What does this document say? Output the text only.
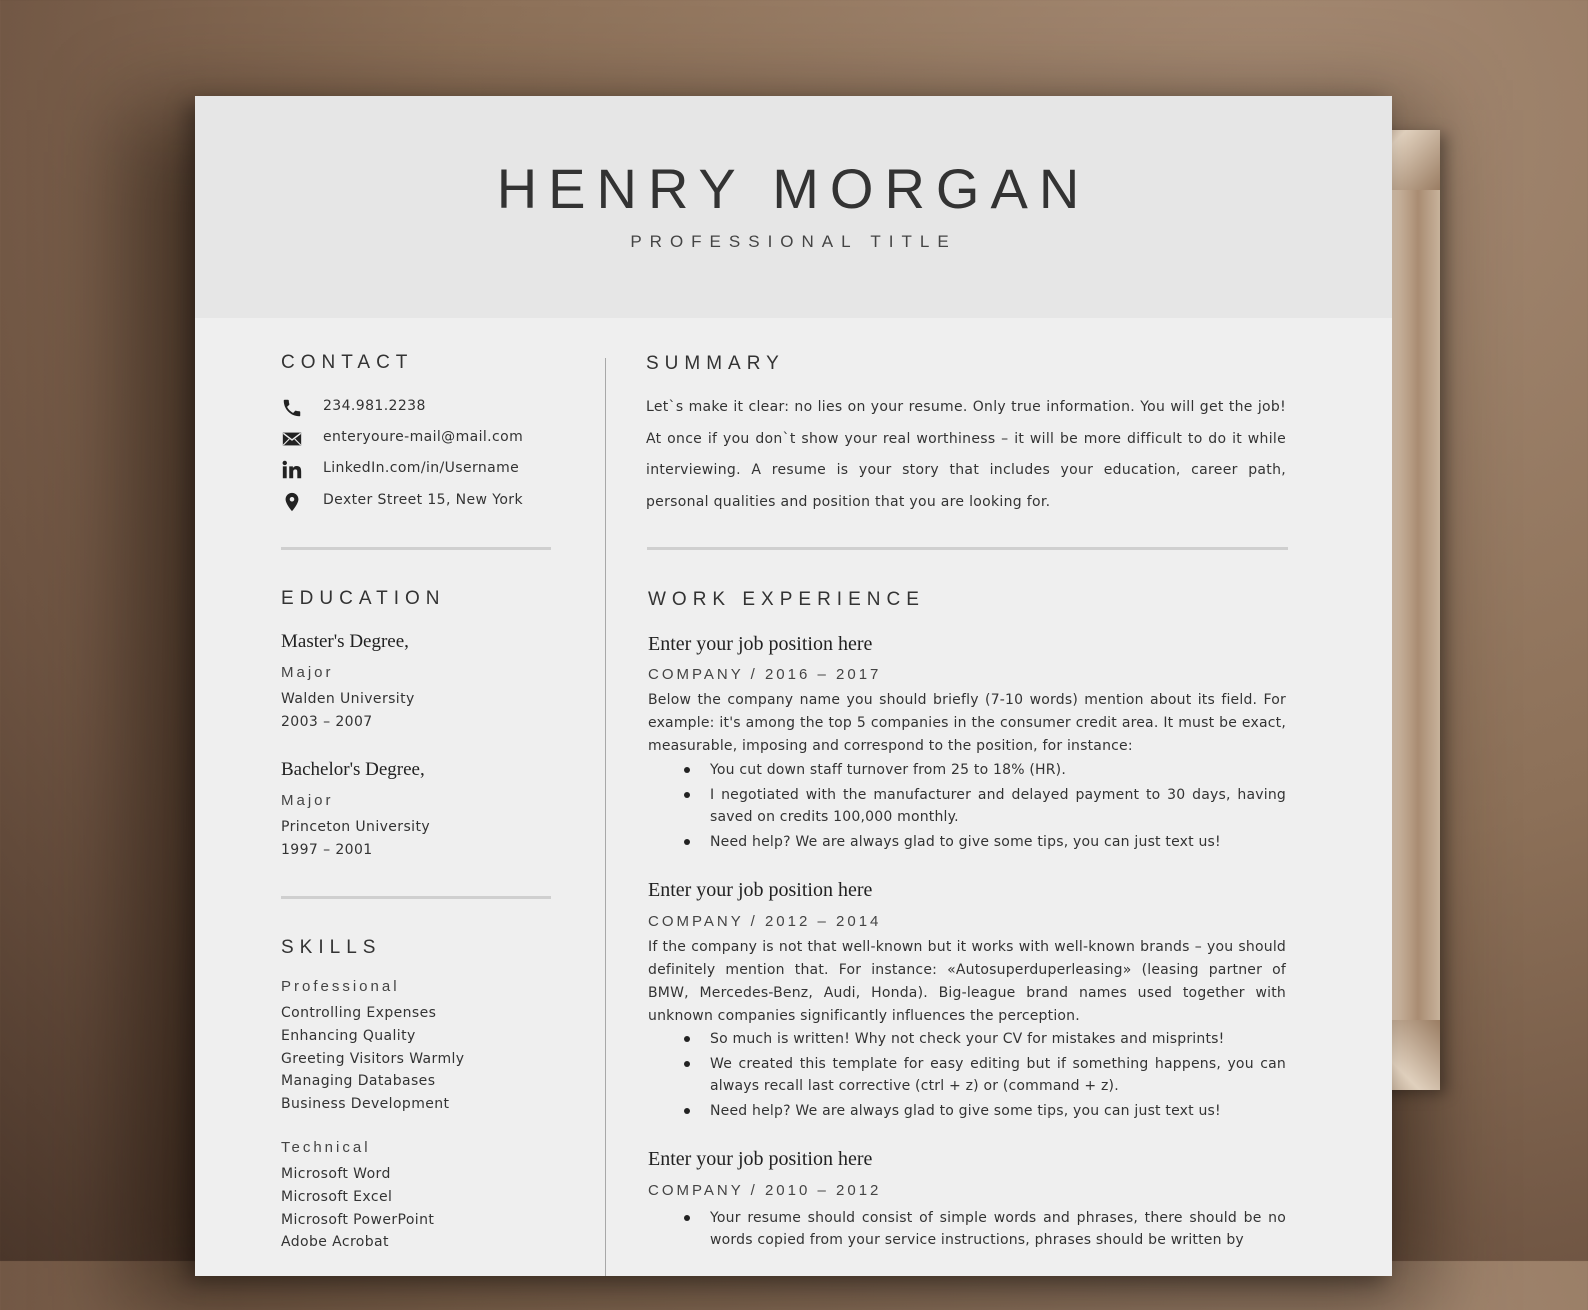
HENRY MORGAN
PROFESSIONAL TITLE
CONTACT
234.981.2238
enteryoure-mail@mail.com
LinkedIn.com/in/Username
Dexter Street 15, New York
EDUCATION
Master's Degree,
Major
Walden University
2003 – 2007
Bachelor's Degree,
Major
Princeton University
1997 – 2001
SKILLS
Professional
Controlling Expenses
Enhancing Quality
Greeting Visitors Warmly
Managing Databases
Business Development
Technical
Microsoft Word
Microsoft Excel
Microsoft PowerPoint
Adobe Acrobat
SUMMARY

Let`s make it clear: no lies on your resume. Only true information. You will get the job! At once if you don`t show your real worthiness – it will be more difficult to do it while interviewing. A resume is your story that includes your education, career path, personal qualities and position that you are looking for.

WORK EXPERIENCE
Enter your job position here
COMPANY / 2016 – 2017

Below the company name you should briefly (7-10 words) mention about its field. For example: it's among the top 5 companies in the consumer credit area. It must be exact, measurable, imposing and correspond to the position, for instance:

You cut down staff turnover from 25 to 18% (HR).
I negotiated with the manufacturer and delayed payment to 30 days, having saved on credits 100,000 monthly.
Need help? We are always glad to give some tips, you can just text us!
Enter your job position here
COMPANY / 2012 – 2014

If the company is not that well-known but it works with well-known brands – you should definitely mention that. For instance: «Autosuperduperleasing» (leasing partner of BMW, Mercedes-Benz, Audi, Honda). Big-league brand names used together with unknown companies significantly influences the perception.

So much is written! Why not check your CV for mistakes and misprints!
We created this template for easy editing but if something happens, you can always recall last corrective (ctrl + z) or (command + z).
Need help? We are always glad to give some tips, you can just text us!
Enter your job position here
COMPANY / 2010 – 2012
Your resume should consist of simple words and phrases, there should be no words copied from your service instructions, phrases should be written by
